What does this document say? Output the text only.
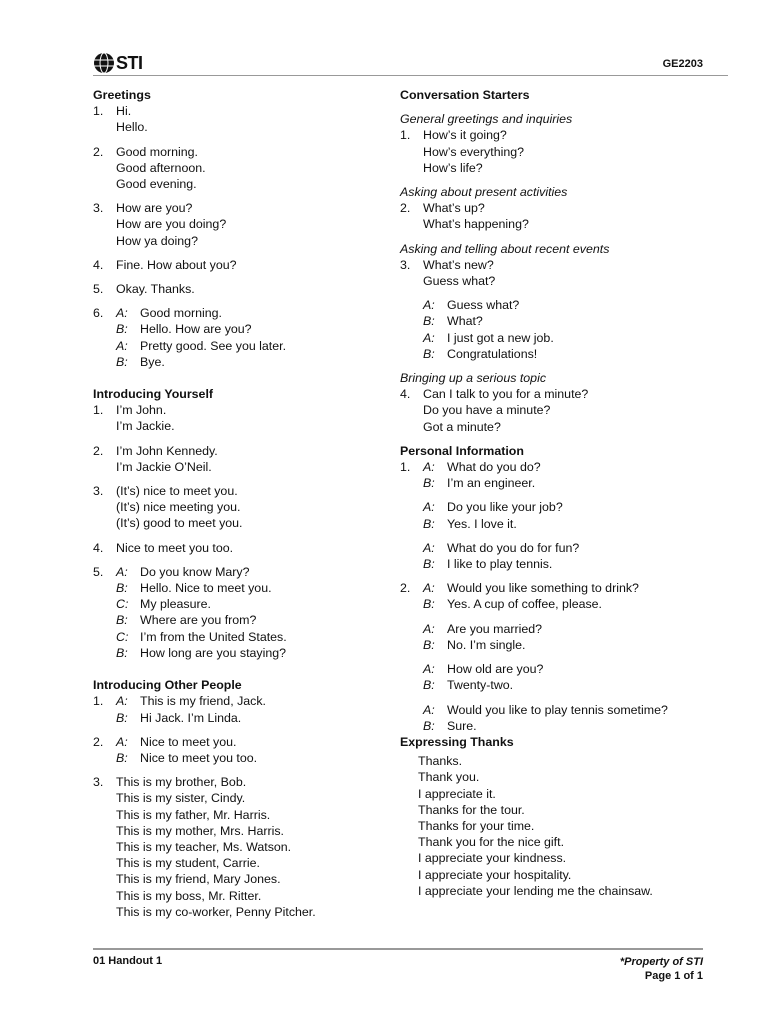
STI	GE2203
Greetings
1.	Hi.
Hello.
2.	Good morning.
Good afternoon.
Good evening.
3.	How are you?
How are you doing?
How ya doing?
4.	Fine. How about you?
5.	Okay. Thanks.
6.	A: Good morning.
B: Hello. How are you?
A: Pretty good. See you later.
B: Bye.
Introducing Yourself
1.	I’m John.
I’m Jackie.
2.	I’m John Kennedy.
I’m Jackie O’Neil.
3.	(It’s) nice to meet you.
(It’s) nice meeting you.
(It’s) good to meet you.
4.	Nice to meet you too.
5.	A: Do you know Mary?
B: Hello. Nice to meet you.
C: My pleasure.
B: Where are you from?
C: I’m from the United States.
B: How long are you staying?
Introducing Other People
1.	A: This is my friend, Jack.
B: Hi Jack. I’m Linda.
2.	A: Nice to meet you.
B: Nice to meet you too.
3.	This is my brother, Bob.
This is my sister, Cindy.
This is my father, Mr. Harris.
This is my mother, Mrs. Harris.
This is my teacher, Ms. Watson.
This is my student, Carrie.
This is my friend, Mary Jones.
This is my boss, Mr. Ritter.
This is my co-worker, Penny Pitcher.
Conversation Starters
General greetings and inquiries
1.	How’s it going?
How’s everything?
How’s life?
Asking about present activities
2.	What’s up?
What’s happening?
Asking and telling about recent events
3.	What’s new?
Guess what?
A: Guess what?
B: What?
A: I just got a new job.
B: Congratulations!
Bringing up a serious topic
4.	Can I talk to you for a minute?
Do you have a minute?
Got a minute?
Personal Information
1.	A: What do you do?
B: I’m an engineer.
A: Do you like your job?
B: Yes. I love it.
A: What do you do for fun?
B: I like to play tennis.
2.	A: Would you like something to drink?
B: Yes. A cup of coffee, please.
A: Are you married?
B: No. I’m single.
A: How old are you?
B: Twenty-two.
A: Would you like to play tennis sometime?
B: Sure.
Expressing Thanks
Thanks.
Thank you.
I appreciate it.
Thanks for the tour.
Thanks for your time.
Thank you for the nice gift.
I appreciate your kindness.
I appreciate your hospitality.
I appreciate your lending me the chainsaw.
01 Handout 1	*Property of STI
Page 1 of 1
